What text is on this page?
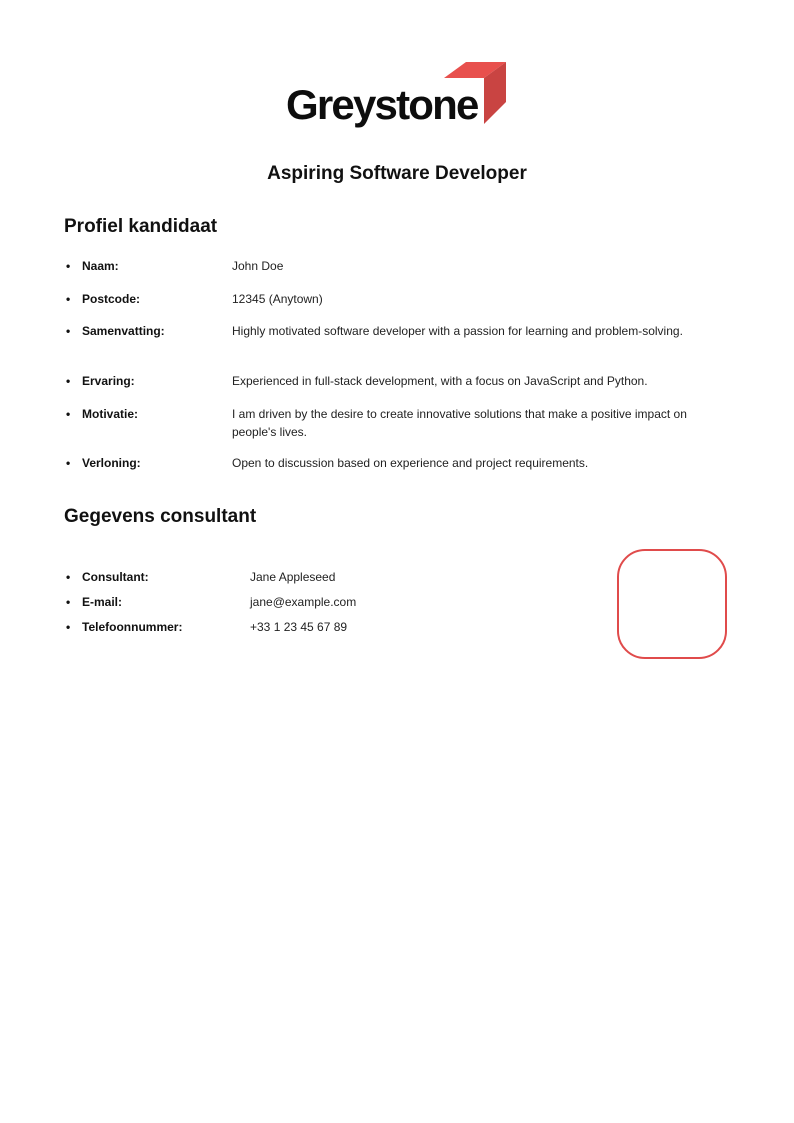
Greystone
Aspiring Software Developer
Profiel kandidaat
• Naam:	John Doe
• Postcode:	12345 (Anytown)
• Samenvatting:	Highly motivated software developer with a passion for learning and problem-solving.
• Ervaring:	Experienced in full-stack development, with a focus on JavaScript and Python.
• Motivatie:	I am driven by the desire to create innovative solutions that make a positive impact on people's lives.
• Verloning:	Open to discussion based on experience and project requirements.
Gegevens consultant
• Consultant:	Jane Appleseed
• E-mail:	jane@example.com
• Telefoonnummer:	+33 1 23 45 67 89
